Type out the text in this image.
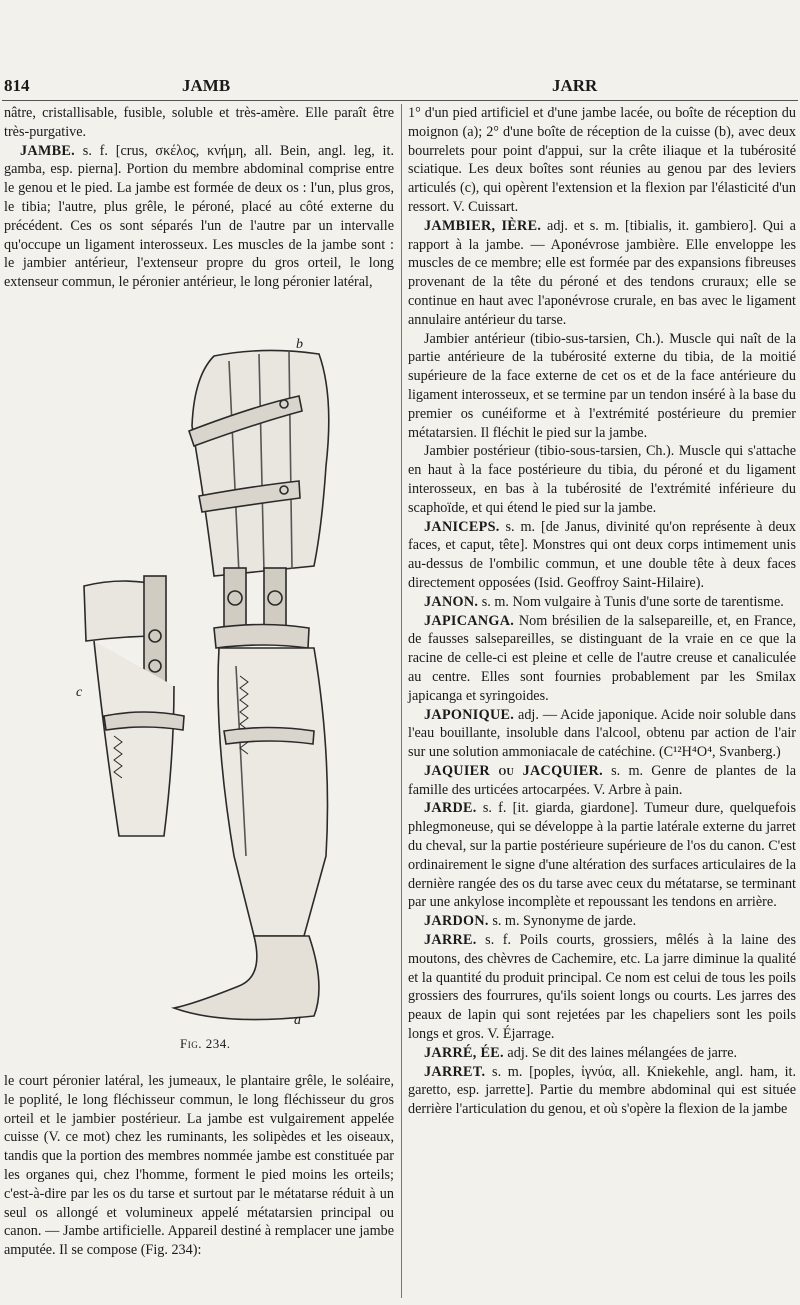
814	JAMB	JARR

nâtre, cristallisable, fusible, soluble et très-amère. Elle paraît être très-purgative.

JAMBE. s. f. [crus, σκέλος, κνήμη, all. Bein, angl. leg, it. gamba, esp. pierna]. Portion du membre abdominal comprise entre le genou et le pied. La jambe est formée de deux os : l'un, plus gros, le tibia; l'autre, plus grêle, le péroné, placé au côté externe du précédent. Ces os sont séparés l'un de l'autre par un intervalle qu'occupe un ligament interosseux. Les muscles de la jambe sont : le jambier antérieur, l'extenseur propre du gros orteil, le long extenseur commun, le péronier antérieur, le long péronier latéral,

b
c
a
Fig. 234.

le court péronier latéral, les jumeaux, le plantaire grêle, le soléaire, le poplité, le long fléchisseur commun, le long fléchisseur du gros orteil et le jambier postérieur. La jambe est vulgairement appelée cuisse (V. ce mot) chez les ruminants, les solipèdes et les oiseaux, tandis que la portion des membres nommée jambe est constituée par les organes qui, chez l'homme, forment le pied moins les orteils; c'est-à-dire par les os du tarse et surtout par le métatarse réduit à un seul os allongé et volumineux appelé métatarsien principal ou canon. — Jambe artificielle. Appareil destiné à remplacer une jambe amputée. Il se compose (Fig. 234):

1° d'un pied artificiel et d'une jambe lacée, ou boîte de réception du moignon (a); 2° d'une boîte de réception de la cuisse (b), avec deux bourrelets pour point d'appui, sur la crête iliaque et la tubérosité sciatique. Les deux boîtes sont réunies au genou par des leviers articulés (c), qui opèrent l'extension et la flexion par l'élasticité d'un ressort. V. Cuissart.

JAMBIER, IÈRE. adj. et s. m. [tibialis, it. gambiero]. Qui a rapport à la jambe. — Aponévrose jambière. Elle enveloppe les muscles de ce membre; elle est formée par des expansions fibreuses provenant de la tête du péroné et des tendons cruraux; elle se continue en haut avec l'aponévrose crurale, en bas avec le ligament annulaire antérieur du tarse.

Jambier antérieur (tibio-sus-tarsien, Ch.). Muscle qui naît de la partie antérieure de la tubérosité externe du tibia, de la moitié supérieure de la face externe de cet os et de la face antérieure du ligament interosseux, et se termine par un tendon inséré à la base du premier os cunéiforme et à l'extrémité postérieure du premier métatarsien. Il fléchit le pied sur la jambe.

Jambier postérieur (tibio-sous-tarsien, Ch.). Muscle qui s'attache en haut à la face postérieure du tibia, du péroné et du ligament interosseux, en bas à la tubérosité de l'extrémité inférieure du scaphoïde, et qui étend le pied sur la jambe.

JANICEPS. s. m. [de Janus, divinité qu'on représente à deux faces, et caput, tête]. Monstres qui ont deux corps intimement unis au-dessus de l'ombilic commun, et une double tête à deux faces directement opposées (Isid. Geoffroy Saint-Hilaire).

JANON. s. m. Nom vulgaire à Tunis d'une sorte de tarentisme.

JAPICANGA. Nom brésilien de la salsepareille, et, en France, de fausses salsepareilles, se distinguant de la vraie en ce que la racine de celle-ci est pleine et celle de l'autre creuse et canaliculée au centre. Elles sont fournies probablement par les Smilax japicanga et syringoides.

JAPONIQUE. adj. — Acide japonique. Acide noir soluble dans l'eau bouillante, insoluble dans l'alcool, obtenu par action de l'air sur une solution ammoniacale de catéchine. (C¹²H⁴O⁴, Svanberg.)

JAQUIER ou JACQUIER. s. m. Genre de plantes de la famille des urticées artocarpées. V. Arbre à pain.

JARDE. s. f. [it. giarda, giardone]. Tumeur dure, quelquefois phlegmoneuse, qui se développe à la partie latérale externe du jarret du cheval, sur la partie postérieure supérieure de l'os du canon. C'est ordinairement le signe d'une altération des surfaces articulaires de la dernière rangée des os du tarse avec ceux du métatarse, se terminant par une ankylose incomplète et repoussant les tendons en arrière.

JARDON. s. m. Synonyme de jarde.

JARRE. s. f. Poils courts, grossiers, mêlés à la laine des moutons, des chèvres de Cachemire, etc. La jarre diminue la qualité et la quantité du produit principal. Ce nom est celui de tous les poils grossiers des fourrures, qu'ils soient longs ou courts. Les jarres des peaux de lapin qui sont rejetées par les chapeliers sont les poils longs et gros. V. Éjarrage.

JARRÉ, ÉE. adj. Se dit des laines mélangées de jarre.

JARRET. s. m. [poples, ἰγνύα, all. Kniekehle, angl. ham, it. garetto, esp. jarrette]. Partie du membre abdominal qui est située derrière l'articulation du genou, et où s'opère la flexion de la jambe
